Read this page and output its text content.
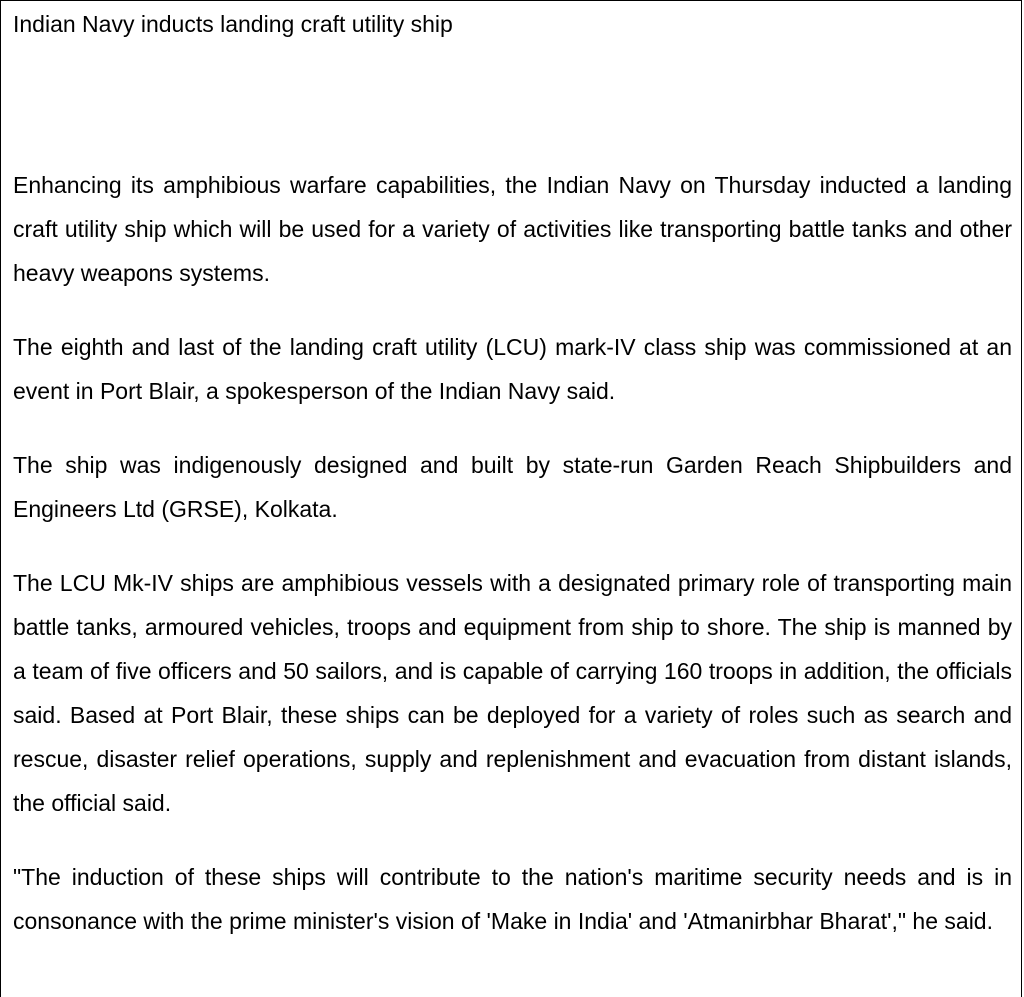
Indian Navy inducts landing craft utility ship

Enhancing its amphibious warfare capabilities, the Indian Navy on Thursday inducted a landing craft utility ship which will be used for a variety of activities like transporting battle tanks and other heavy weapons systems.

The eighth and last of the landing craft utility (LCU) mark-IV class ship was commissioned at an event in Port Blair, a spokesperson of the Indian Navy said.

The ship was indigenously designed and built by state-run Garden Reach Shipbuilders and Engineers Ltd (GRSE), Kolkata.

The LCU Mk-IV ships are amphibious vessels with a designated primary role of transporting main battle tanks, armoured vehicles, troops and equipment from ship to shore. The ship is manned by a team of five officers and 50 sailors, and is capable of carrying 160 troops in addition, the officials said. Based at Port Blair, these ships can be deployed for a variety of roles such as search and rescue, disaster relief operations, supply and replenishment and evacuation from distant islands, the official said.

"The induction of these ships will contribute to the nation's maritime security needs and is in consonance with the prime minister's vision of 'Make in India' and 'Atmanirbhar Bharat'," he said.
